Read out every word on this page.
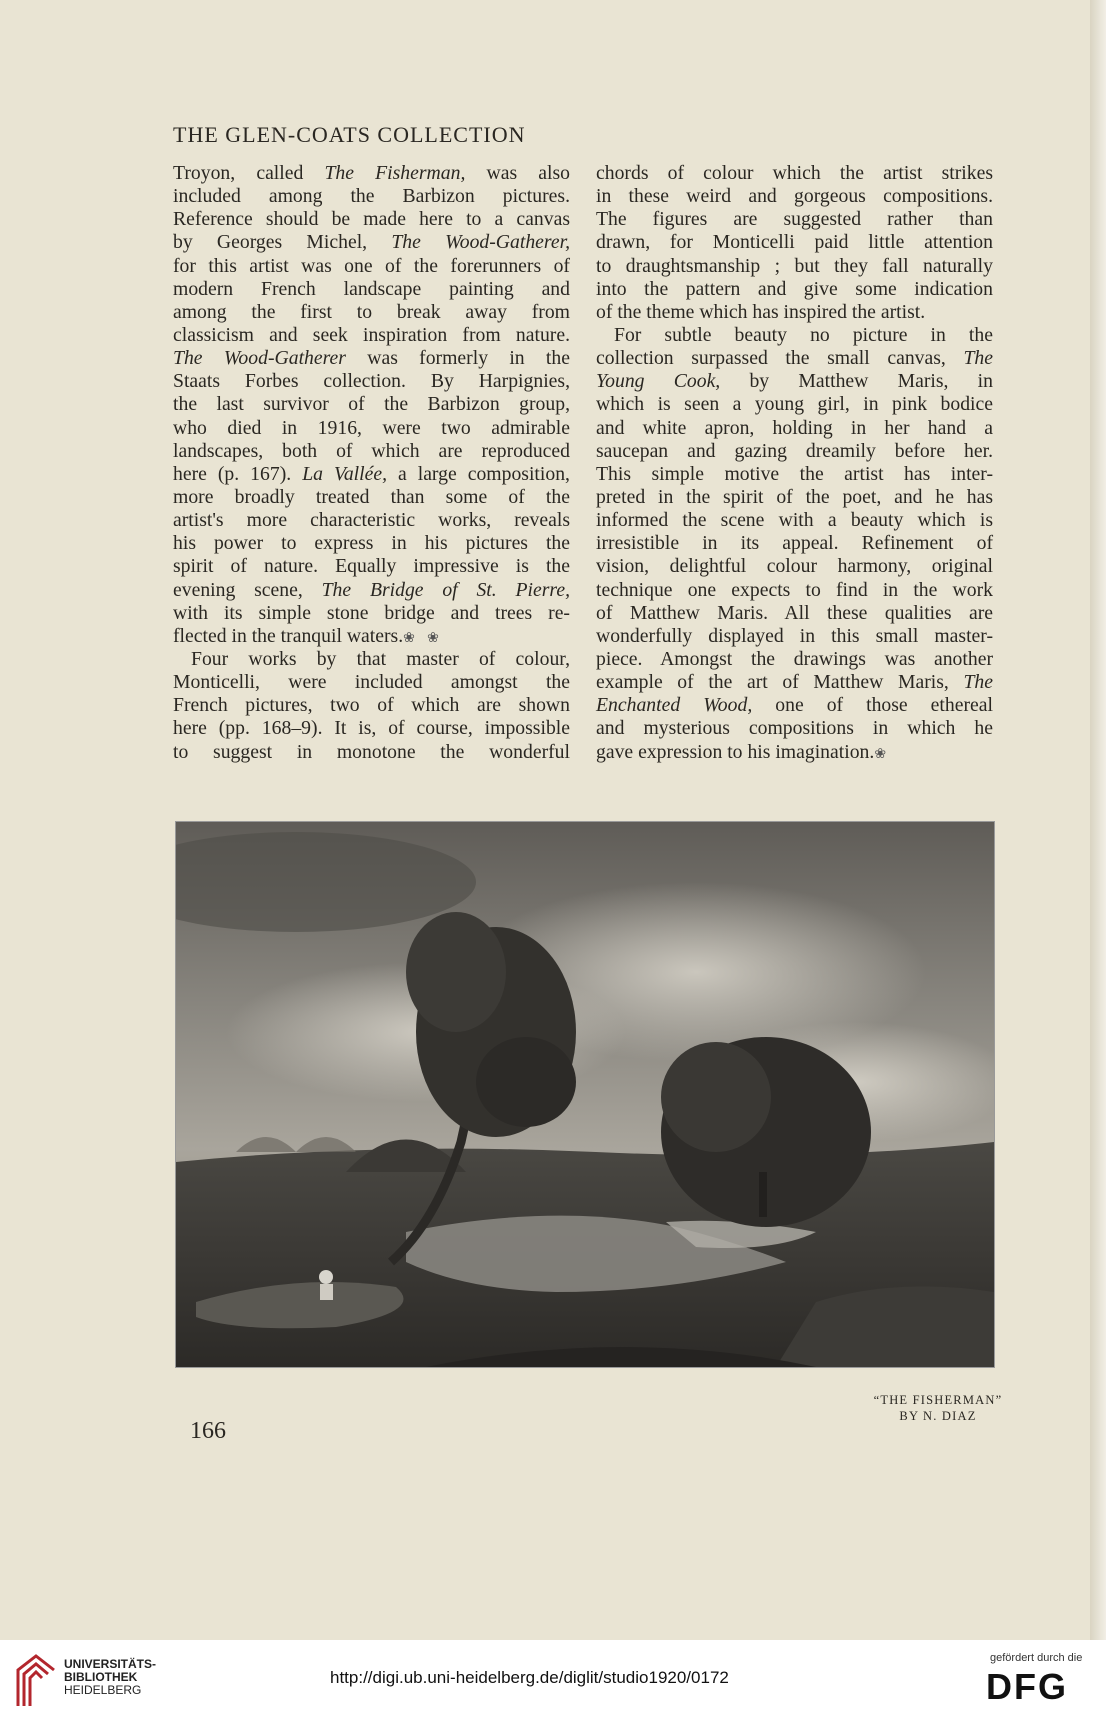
THE GLEN-COATS COLLECTION
Troyon, called The Fisherman, was also
included among the Barbizon pictures.
Reference should be made here to a canvas
by Georges Michel, The Wood-Gatherer,
for this artist was one of the forerunners of
modern French landscape painting and
among the first to break away from
classicism and seek inspiration from nature.
The Wood-Gatherer was formerly in the
Staats Forbes collection. By Harpignies,
the last survivor of the Barbizon group,
who died in 1916, were two admirable
landscapes, both of which are reproduced
here (p. 167). La Vallée, a large composition,
more broadly treated than some of the
artist's more characteristic works, reveals
his power to express in his pictures the
spirit of nature. Equally impressive is the
evening scene, The Bridge of St. Pierre,
with its simple stone bridge and trees re-
flected in the tranquil waters.❀ ❀
Four works by that master of colour,
Monticelli, were included amongst the
French pictures, two of which are shown
here (pp. 168–9). It is, of course, impossible
to suggest in monotone the wonderful
chords of colour which the artist strikes
in these weird and gorgeous compositions.
The figures are suggested rather than
drawn, for Monticelli paid little attention
to draughtsmanship ; but they fall naturally
into the pattern and give some indication
of the theme which has inspired the artist.
For subtle beauty no picture in the
collection surpassed the small canvas, The
Young Cook, by Matthew Maris, in
which is seen a young girl, in pink bodice
and white apron, holding in her hand a
saucepan and gazing dreamily before her.
This simple motive the artist has inter-
preted in the spirit of the poet, and he has
informed the scene with a beauty which is
irresistible in its appeal. Refinement of
vision, delightful colour harmony, original
technique one expects to find in the work
of Matthew Maris. All these qualities are
wonderfully displayed in this small master-
piece. Amongst the drawings was another
example of the art of Matthew Maris, The
Enchanted Wood, one of those ethereal
and mysterious compositions in which he
gave expression to his imagination.❀
“THE FISHERMAN”
BY N. DIAZ
166
UNIVERSITÄTS-
BIBLIOTHEK
HEIDELBERG
http://digi.ub.uni-heidelberg.de/diglit/studio1920/0172
gefördert durch die
DFG
